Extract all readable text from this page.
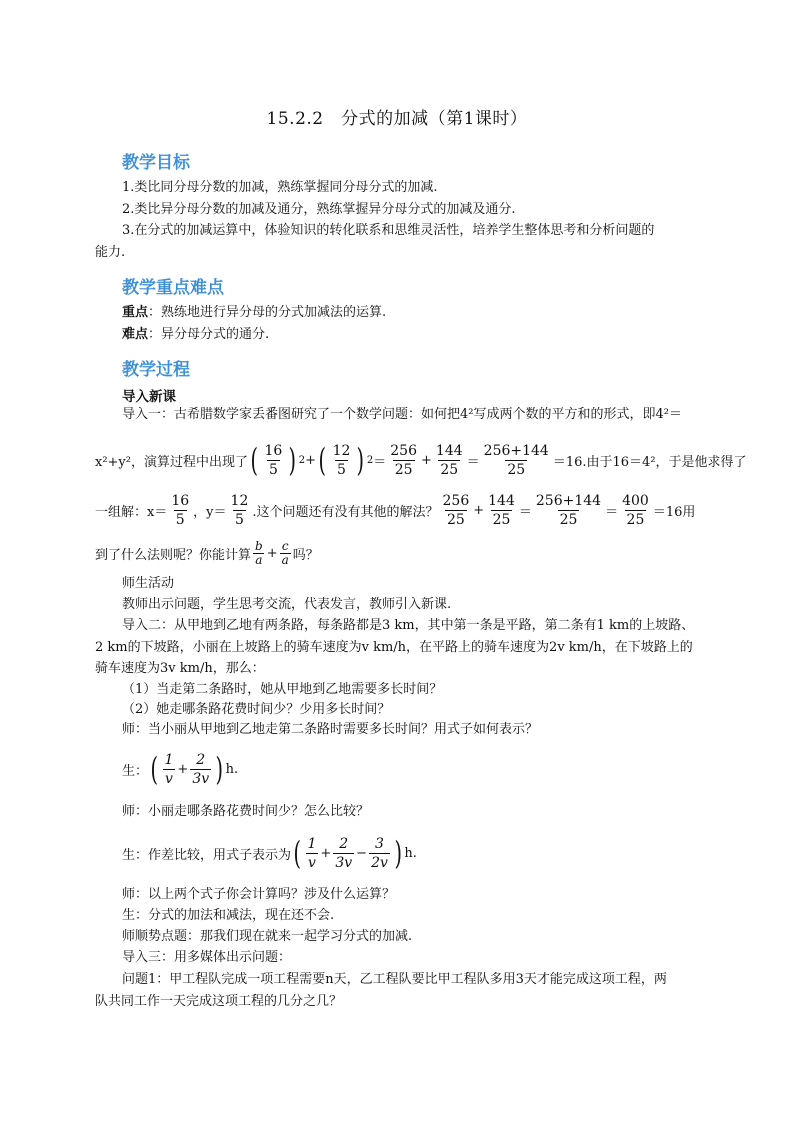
15.2.2　分式的加减（第1课时）
教学目标
1.类比同分母分数的加减，熟练掌握同分母分式的加减.
2.类比异分母分数的加减及通分，熟练掌握异分母分式的加减及通分.
3.在分式的加减运算中，体验知识的转化联系和思维灵活性，培养学生整体思考和分析问题的
能力.
教学重点难点
重点：熟练地进行异分母的分式加减法的运算.
难点：异分母分式的通分.
教学过程
导入新课
导入一：古希腊数学家丢番图研究了一个数学问题：如何把4²写成两个数的平方和的形式，即4²＝
x²+y²，演算过程中出现了 ( $\frac{16}{5}$ ) 2 + ( $\frac{12}{5}$ ) $2 = \frac{256}{25} + \frac{144}{25} = \frac{256+144}{25} =16$.由于16＝4²，于是他求得了
一组解：$x= \frac{16}{5}$ ，$y= \frac{12}{5}$ .这个问题还有没有其他的解法？ $\frac{256}{25} + \frac{144}{25} = \frac{256+144}{25} = \frac{400}{25} =16$用
到了什么法则呢？你能计算 $\frac{b}{a} + \frac{c}{a}$ 吗？
师生活动
教师出示问题，学生思考交流，代表发言，教师引入新课.
导入二：从甲地到乙地有两条路，每条路都是3 km，其中第一条是平路，第二条有1 km的上坡路、
2 km的下坡路，小丽在上坡路上的骑车速度为v km/h，在平路上的骑车速度为2v km/h，在下坡路上的
骑车速度为3v km/h，那么：
（1）当走第二条路时，她从甲地到乙地需要多长时间？
（2）她走哪条路花费时间少？少用多长时间？
师：当小丽从甲地到乙地走第二条路时需要多长时间？用式子如何表示？
生： ( $\frac{1}{v} + \frac{2}{3v}$ ) h.
师：小丽走哪条路花费时间少？怎么比较？
生：作差比较，用式子表示为 ( $\frac{1}{v} + \frac{2}{3v} - \frac{3}{2v}$ ) h.
师：以上两个式子你会计算吗？涉及什么运算？
生：分式的加法和减法，现在还不会.
师顺势点题：那我们现在就来一起学习分式的加减.
导入三：用多媒体出示问题：
问题1：甲工程队完成一项工程需要n天，乙工程队要比甲工程队多用3天才能完成这项工程，两
队共同工作一天完成这项工程的几分之几？
